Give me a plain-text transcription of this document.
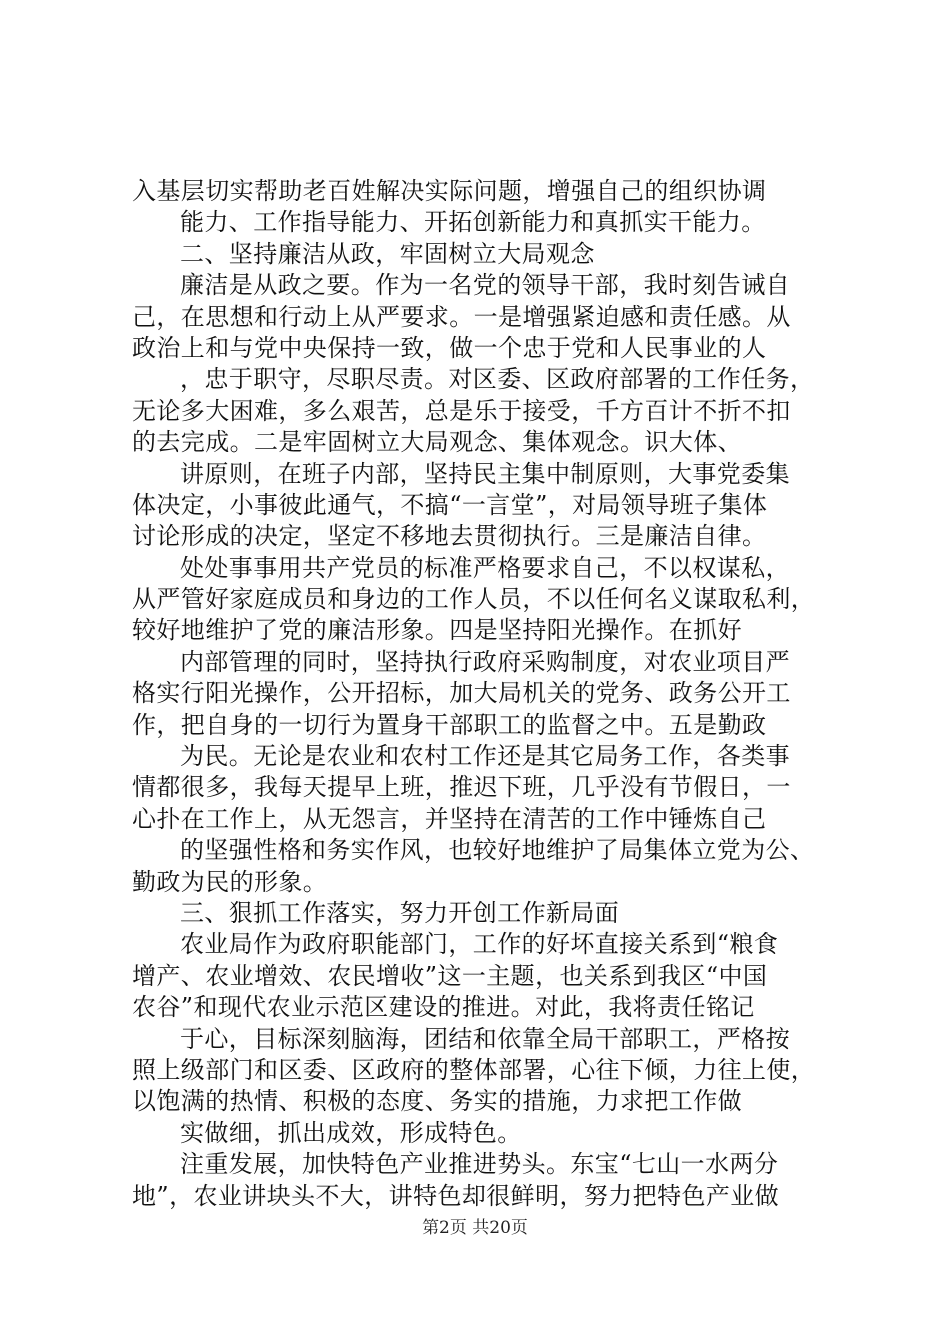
入基层切实帮助老百姓解决实际问题，增强自己的组织协调
能力、工作指导能力、开拓创新能力和真抓实干能力。
二、坚持廉洁从政，牢固树立大局观念
廉洁是从政之要。作为一名党的领导干部，我时刻告诫自
己，在思想和行动上从严要求。一是增强紧迫感和责任感。从
政治上和与党中央保持一致，做一个忠于党和人民事业的人
，忠于职守，尽职尽责。对区委、区政府部署的工作任务，
无论多大困难，多么艰苦，总是乐于接受，千方百计不折不扣
的去完成。二是牢固树立大局观念、集体观念。识大体、
讲原则，在班子内部，坚持民主集中制原则，大事党委集
体决定，小事彼此通气，不搞“一言堂”，对局领导班子集体
讨论形成的决定，坚定不移地去贯彻执行。三是廉洁自律。
处处事事用共产党员的标准严格要求自己，不以权谋私，
从严管好家庭成员和身边的工作人员，不以任何名义谋取私利，
较好地维护了党的廉洁形象。四是坚持阳光操作。在抓好
内部管理的同时，坚持执行政府采购制度，对农业项目严
格实行阳光操作，公开招标，加大局机关的党务、政务公开工
作，把自身的一切行为置身干部职工的监督之中。五是勤政
为民。无论是农业和农村工作还是其它局务工作，各类事
情都很多，我每天提早上班，推迟下班，几乎没有节假日，一
心扑在工作上，从无怨言，并坚持在清苦的工作中锤炼自己
的坚强性格和务实作风，也较好地维护了局集体立党为公、
勤政为民的形象。
三、狠抓工作落实，努力开创工作新局面
农业局作为政府职能部门，工作的好坏直接关系到“粮食
增产、农业增效、农民增收”这一主题，也关系到我区“中国
农谷”和现代农业示范区建设的推进。对此，我将责任铭记
于心，目标深刻脑海，团结和依靠全局干部职工，严格按
照上级部门和区委、区政府的整体部署，心往下倾，力往上使，
以饱满的热情、积极的态度、务实的措施，力求把工作做
实做细，抓出成效，形成特色。
注重发展，加快特色产业推进势头。东宝“七山一水两分
地”，农业讲块头不大，讲特色却很鲜明，努力把特色产业做
第2页 共20页
